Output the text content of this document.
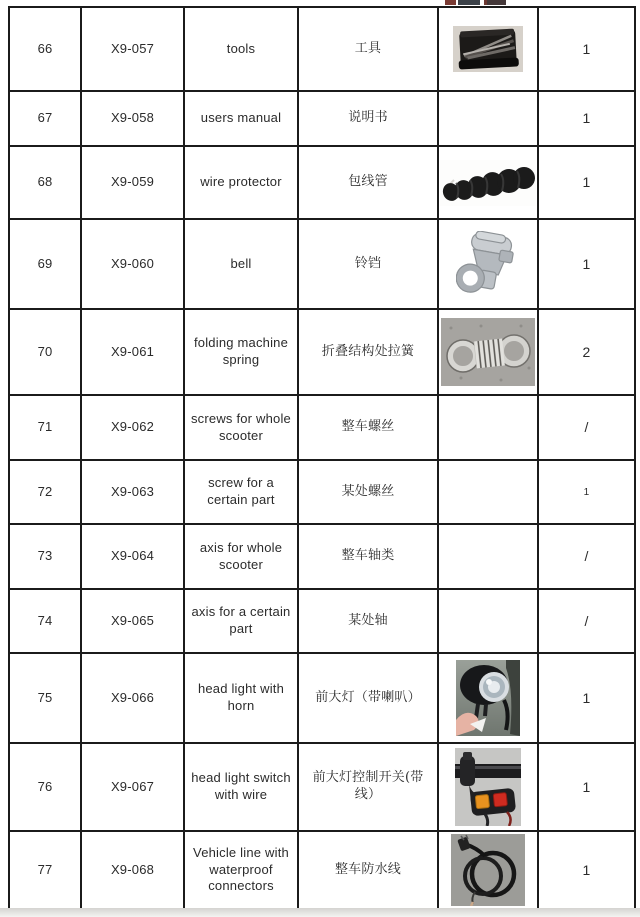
66	X9-057	tools	工具		1
67	X9-058	users manual	说明书		1
68	X9-059	wire protector	包线管		1
69	X9-060	bell	铃铛		1
70	X9-061	folding machine spring	折叠结构处拉簧		2
71	X9-062	screws for whole scooter	整车螺丝		/
72	X9-063	screw for a certain part	某处螺丝		1
73	X9-064	axis for whole scooter	整车轴类		/
74	X9-065	axis for a certain part	某处轴		/
75	X9-066	head light with horn	前大灯（带喇叭）		1
76	X9-067	head light switch with wire	前大灯控制开关(带线）		1
77	X9-068	Vehicle line with waterproof connectors	整车防水线		1
